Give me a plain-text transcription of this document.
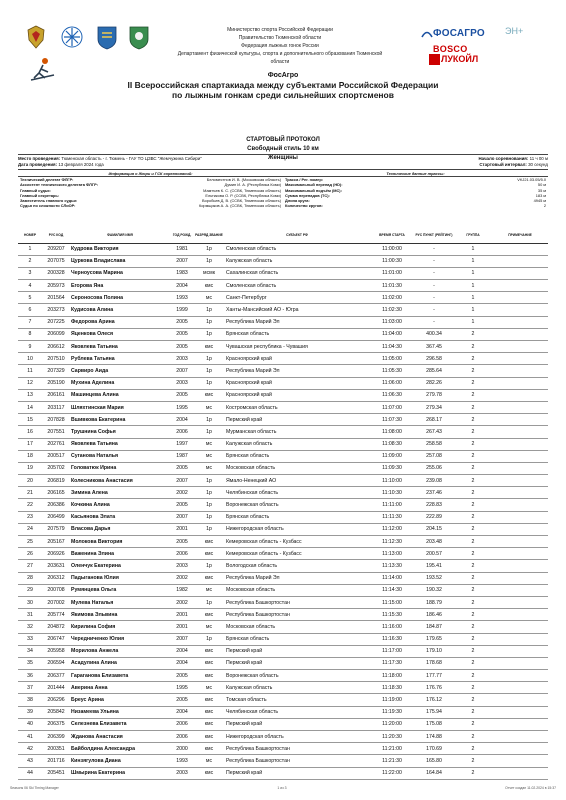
Министерство спорта Российской Федерации
Правительство Тюменской области
Федерация лыжных гонок России
Департамент физической культуры, спорта и дополнительного образования Тюменской области
ФОСАГРО ЭН+
BOSCO
ЛУКОЙЛ
ФосАгро
II Всероссийская спартакиада между субъектами Российской Федерации
по лыжным гонкам среди сильнейших спортсменов
СТАРТОВЫЙ ПРОТОКОЛ
Свободный стиль 10 км
Женщины
Место проведения: Тюменская область - г. Тюмень - ГАУ ТО ЦЗВС "Жемчужина Сибири"	Начало соревнования: 11 ч 00 м
Дата проведения: 13 февраля 2024 года	Стартовый интервал: 30 секунд
Информация о Жюри и ГСК соревнований:	Технические данные трассы:
Технический делегат ФЛГР:	Беломестнов И. В. (Московская область)
Ассистент технического делегата ФЛГР:	Думин И. А. (Республика Коми)
Главный судья:	Мамтъев К. С. (ССВК, Тюменская область)
Главный секретарь:	Ельтикова О. Р. (ССВК, Республика Коми)
Заместитель главного судьи:	Воробьев Д. В. (ССВК, Тюменская область)
Судья по сложности СЛиОР:	Кормщиков А. А. (ССВК, Тюменская область)
Трасса / Рег. номер:	VKJ21.03.05/5.0
Максимальный перепад (HD):	50 м
Максимальный подъём (MC):	35 м
Сумма перепадов (TC):	183 м
Длина круга:	4945 м
Количество кругов:	2
НОМЕР	РУС КОД	ФАМИЛИЯ ИМЯ	ГОД РОЖД.	РАЗРЯД ЗВАНИЕ	СУБЪЕКТ РФ	ВРЕМЯ СТАРТА	РУС ПУНКТ (РЕЙТИНГ)	ГРУППА	ПРИМЕЧАНИЕ
1	209207	Кудрова Виктория	1981	1р	Смоленская область	11:00:00	-	1	
2	207075	Цуркова Владислава	2007	1р	Калужская область	11:00:30	-	1	
3	200328	Черноусова Марина	1983	мсмк	Сахалинская область	11:01:00	-	1	
4	205973	Егорова Яна	2004	кмс	Смоленская область	11:01:30	-	1	
5	201564	Сероносова Полина	1993	мс	Санкт-Петербург	11:02:00	-	1	
6	203273	Кудисова Алина	1999	1р	Ханты-Мансийский АО - Югра	11:02:30	-	1	
7	207225	Федорова Арина	2005	1р	Республика Марий Эл	11:03:00	-	1	
8	206099	Яценкова Олеся	2005	1р	Брянская область	11:04:00	400.34	2	
9	206612	Яковлева Татьяна	2005	кмс	Чувашская республика - Чувашия	11:04:30	367.45	2	
10	207510	Рублева Татьяна	2003	1р	Красноярский край	11:05:00	296.58	2	
11	207329	Сарвиро Аида	2007	1р	Республика Марий Эл	11:05:30	285.64	2	
12	205190	Мухина Аделина	2003	1р	Красноярский край	11:06:00	282.26	2	
13	206161	Машинцева Алина	2005	кмс	Красноярский край	11:06:30	279.78	2	
14	203117	Шляхтинская Мария	1995	мс	Костромская область	11:07:00	279.34	2	
15	207828	Вшивкова Екатерина	2004	1р	Пермский край	11:07:30	268.17	2	
16	207551	Трушнина Софья	2006	1р	Мурманская область	11:08:00	267.43	2	
17	202761	Яковлева Татьяна	1997	мс	Калужская область	11:08:30	258.58	2	
18	200517	Суганова Наталья	1987	мс	Брянская область	11:09:00	257.08	2	
19	205702	Головатюк Ирина	2005	мс	Московская область	11:09:30	255.06	2	
20	206819	Колесникова Анастасия	2007	1р	Ямало-Ненецкий АО	11:10:00	239.08	2	
21	206165	Зимина Алена	2002	1р	Челябинская область	11:10:30	237.46	2	
22	206386	Кочкина Алина	2005	1р	Воронежская область	11:11:00	228.83	2	
23	206499	Касьянова Элата	2007	1р	Брянская область	11:11:30	222.89	2	
24	207579	Власова Дарья	2001	1р	Нижегородская область	11:12:00	204.15	2	
25	205167	Молокова Виктория	2005	кмс	Кемеровская область - Кузбасс	11:12:30	203.48	2	
26	206926	Важенина Элина	2006	кмс	Кемеровская область - Кузбасс	11:13:00	200.57	2	
27	203631	Оленчук Екатерина	2003	1р	Вологодская область	11:13:30	195.41	2	
28	206312	Падыганова Юлия	2002	кмс	Республика Марий Эл	11:14:00	193.52	2	
29	200708	Румянцева Ольга	1982	мс	Московская область	11:14:30	190.32	2	
30	207002	Мулева Наталья	2002	1р	Республика Башкортостан	11:15:00	188.79	2	
31	205774	Якимова Эльвина	2001	кмс	Республика Башкортостан	11:15:30	186.46	2	
32	204872	Кирилина София	2001	мс	Московская область	11:16:00	184.87	2	
33	206747	Чередниченко Юлия	2007	1р	Брянская область	11:16:30	179.65	2	
34	205958	Морилова Анжела	2004	кмс	Пермский край	11:17:00	179.10	2	
35	206594	Асадулина Алина	2004	кмс	Пермский край	11:17:30	178.68	2	
36	206377	Гараганова Елизавета	2005	кмс	Воронежская область	11:18:00	177.77	2	
37	201444	Аверина Анна	1995	мс	Калужская область	11:18:30	176.76	2	
38	206296	Бреус Арина	2005	кмс	Томская область	11:19:00	176.12	2	
39	205842	Низамеева Ульяна	2004	кмс	Челябинская область	11:19:30	175.94	2	
40	206375	Селезнева Елизавета	2006	кмс	Пермский край	11:20:00	175.08	2	
41	206399	Жданова Анастасия	2006	кмс	Нижегородская область	11:20:30	174.88	2	
42	200351	Байболдина Александра	2000	кмс	Республика Башкортостан	11:21:00	170.69	2	
43	201716	Кинзягулова Диана	1993	мс	Республика Башкортостан	11:21:30	165.80	2	
44	205451	Шмырина Екатерина	2003	кмс	Пермский край	11:22:00	164.84	2	
Seasons 06 Ski Timing Manager	1 из 3	Отчет создан 11.02.2024 в 15:37
